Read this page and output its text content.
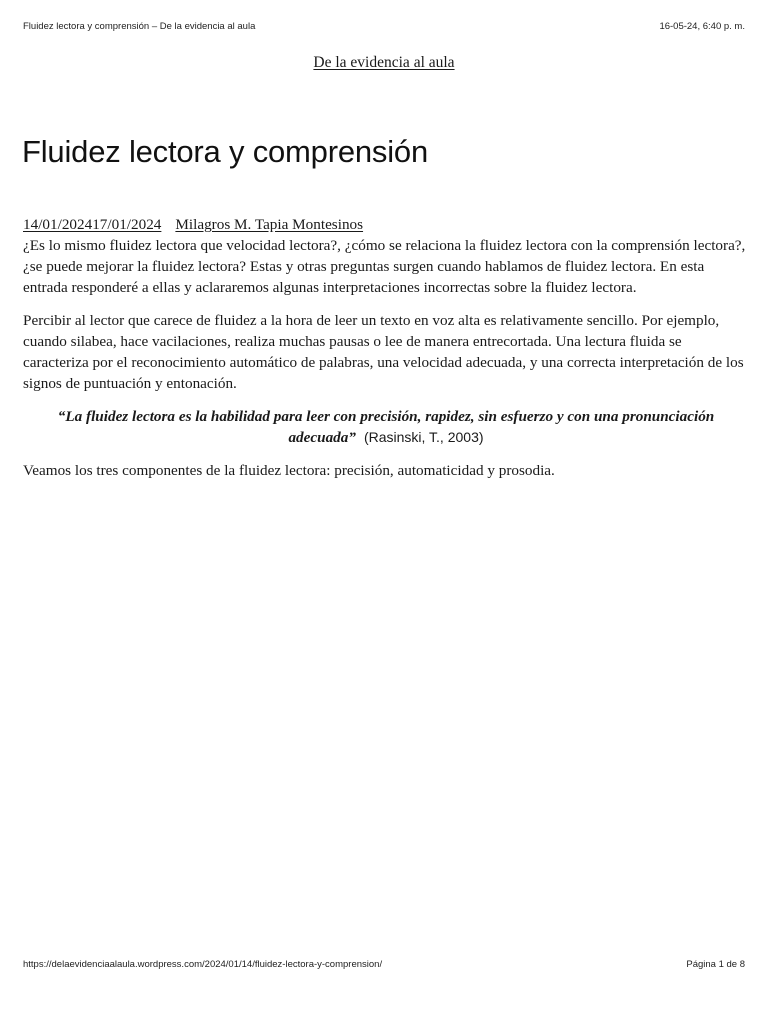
Fluidez lectora y comprensión – De la evidencia al aula	16-05-24, 6:40 p. m.
De la evidencia al aula
Fluidez lectora y comprensión
14/01/202417/01/2024 Milagros M. Tapia Montesinos

¿Es lo mismo fluidez lectora que velocidad lectora?, ¿cómo se relaciona la fluidez lectora con la comprensión lectora?, ¿se puede mejorar la fluidez lectora? Estas y otras preguntas surgen cuando hablamos de fluidez lectora. En esta entrada responderé a ellas y aclararemos algunas interpretaciones incorrectas sobre la fluidez lectora.

Percibir al lector que carece de fluidez a la hora de leer un texto en voz alta es relativamente sencillo. Por ejemplo, cuando silabea, hace vacilaciones, realiza muchas pausas o lee de manera entrecortada. Una lectura fluida se caracteriza por el reconocimiento automático de palabras, una velocidad adecuada, y una correcta interpretación de los signos de puntuación y entonación.

“La fluidez lectora es la habilidad para leer con precisión, rapidez, sin esfuerzo y con una pronunciación adecuada” (Rasinski, T., 2003)

Veamos los tres componentes de la fluidez lectora: precisión, automaticidad y prosodia.

https://delaevidenciaalaula.wordpress.com/2024/01/14/fluidez-lectora-y-comprension/	Página 1 de 8
